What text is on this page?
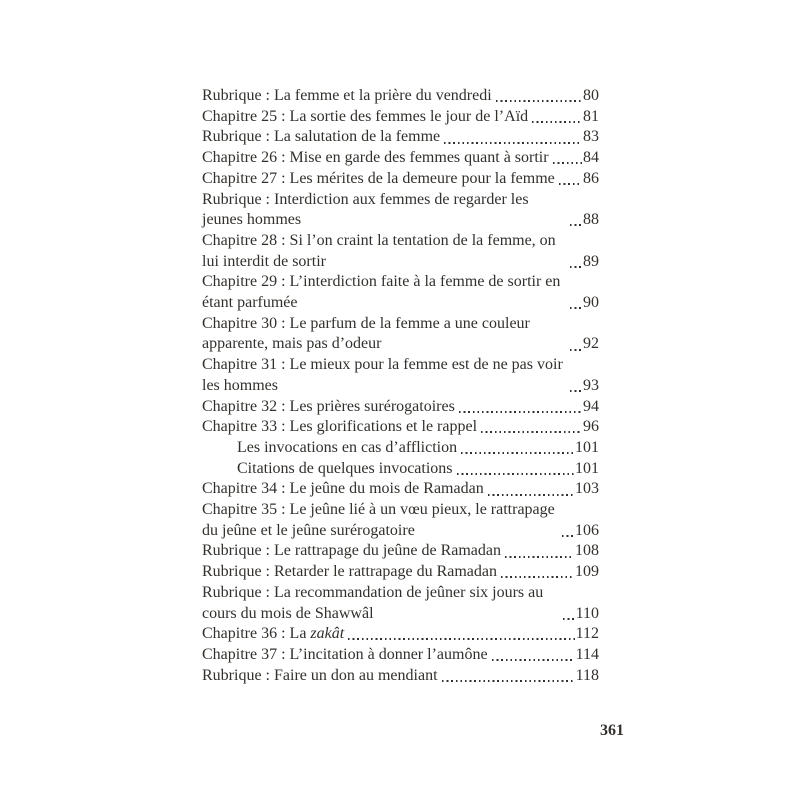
Rubrique : La femme et la prière du vendredi	80
Chapitre 25 : La sortie des femmes le jour de l’Aïd	81
Rubrique : La salutation de la femme	83
Chapitre 26 : Mise en garde des femmes quant à sortir 84
Chapitre 27 : Les mérites de la demeure pour la femme 86
Rubrique : Interdiction aux femmes de regarder les jeunes hommes	88
Chapitre 28 : Si l’on craint la tentation de la femme, on lui interdit de sortir	89
Chapitre 29 : L’interdiction faite à la femme de sortir en étant parfumée	90
Chapitre 30 : Le parfum de la femme a une couleur apparente, mais pas d’odeur	92
Chapitre 31 : Le mieux pour la femme est de ne pas voir les hommes	93
Chapitre 32 : Les prières surérogatoires	94
Chapitre 33 : Les glorifications et le rappel	96
Les invocations en cas d’affliction	101
Citations de quelques invocations	101
Chapitre 34 : Le jeûne du mois de Ramadan	103
Chapitre 35 : Le jeûne lié à un vœu pieux, le rattrapage du jeûne et le jeûne surérogatoire	106
Rubrique : Le rattrapage du jeûne de Ramadan	108
Rubrique : Retarder le rattrapage du Ramadan	109
Rubrique : La recommandation de jeûner six jours au cours du mois de Shawwâl	110
Chapitre 36 : La zakât	112
Chapitre 37 : L’incitation à donner l’aumône	114
Rubrique : Faire un don au mendiant	118
361
